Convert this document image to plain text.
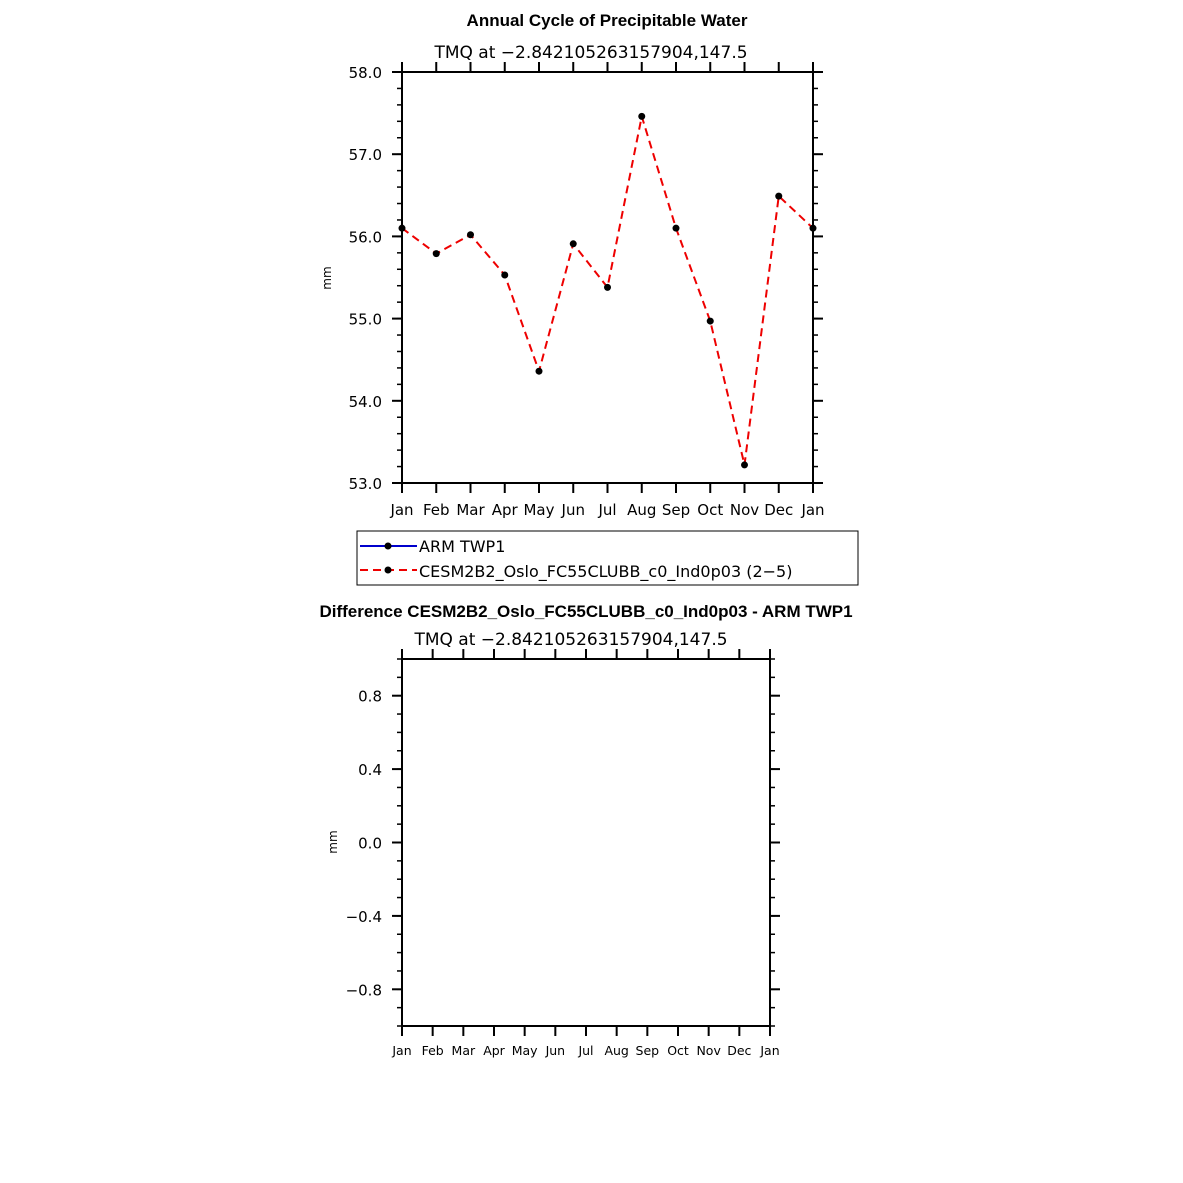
Annual Cycle of Precipitable Water
TMQ at −2.842105263157904,147.5
mm
Jan Feb Mar Apr May Jun Jul Aug Sep Oct Nov Dec Jan
58.0
57.0
56.0
55.0
54.0
53.0
ARM TWP1
CESM2B2_Oslo_FC55CLUBB_c0_Ind0p03 (2−5)
Difference CESM2B2_Oslo_FC55CLUBB_c0_Ind0p03 - ARM TWP1
TMQ at −2.842105263157904,147.5
mm
Jan Feb Mar Apr May Jun Jul Aug Sep Oct Nov Dec Jan
0.8
0.4
0.0
−0.4
−0.8
